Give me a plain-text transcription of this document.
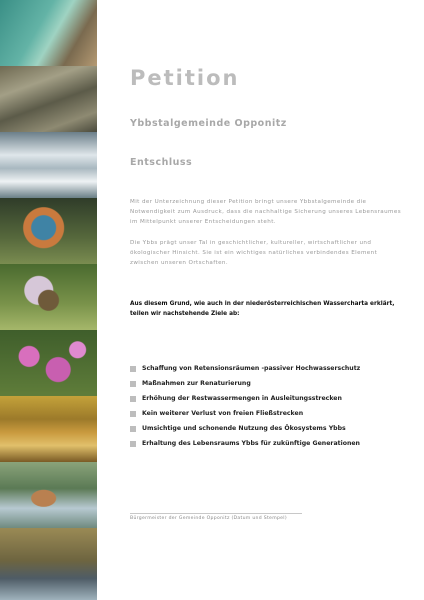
Petition
Ybbstalgemeinde Opponitz
Entschluss

Mit der Unterzeichnung dieser Petition bringt unsere Ybbstalgemeinde die Notwendigkeit zum Ausdruck, dass die nachhaltige Sicherung unseres Lebensraumes im Mittelpunkt unserer Entscheidungen steht.

Die Ybbs prägt unser Tal in geschichtlicher, kultureller, wirtschaftlicher und ökologischer Hinsicht. Sie ist ein wichtiges natürliches verbindendes Element zwischen unseren Ortschaften.

Aus diesem Grund, wie auch in der niederösterreichischen Wassercharta erklärt, teilen wir nachstehende Ziele ab:

Schaffung von Retensionsräumen -passiver Hochwasserschutz
Maßnahmen zur Renaturierung
Erhöhung der Restwassermengen in Ausleitungsstrecken
Kein weiterer Verlust von freien Fließstrecken
Umsichtige und schonende Nutzung des Ökosystems Ybbs
Erhaltung des Lebensraums Ybbs für zukünftige Generationen

Bürgermeister der Gemeinde Opponitz (Datum und Stempel)
